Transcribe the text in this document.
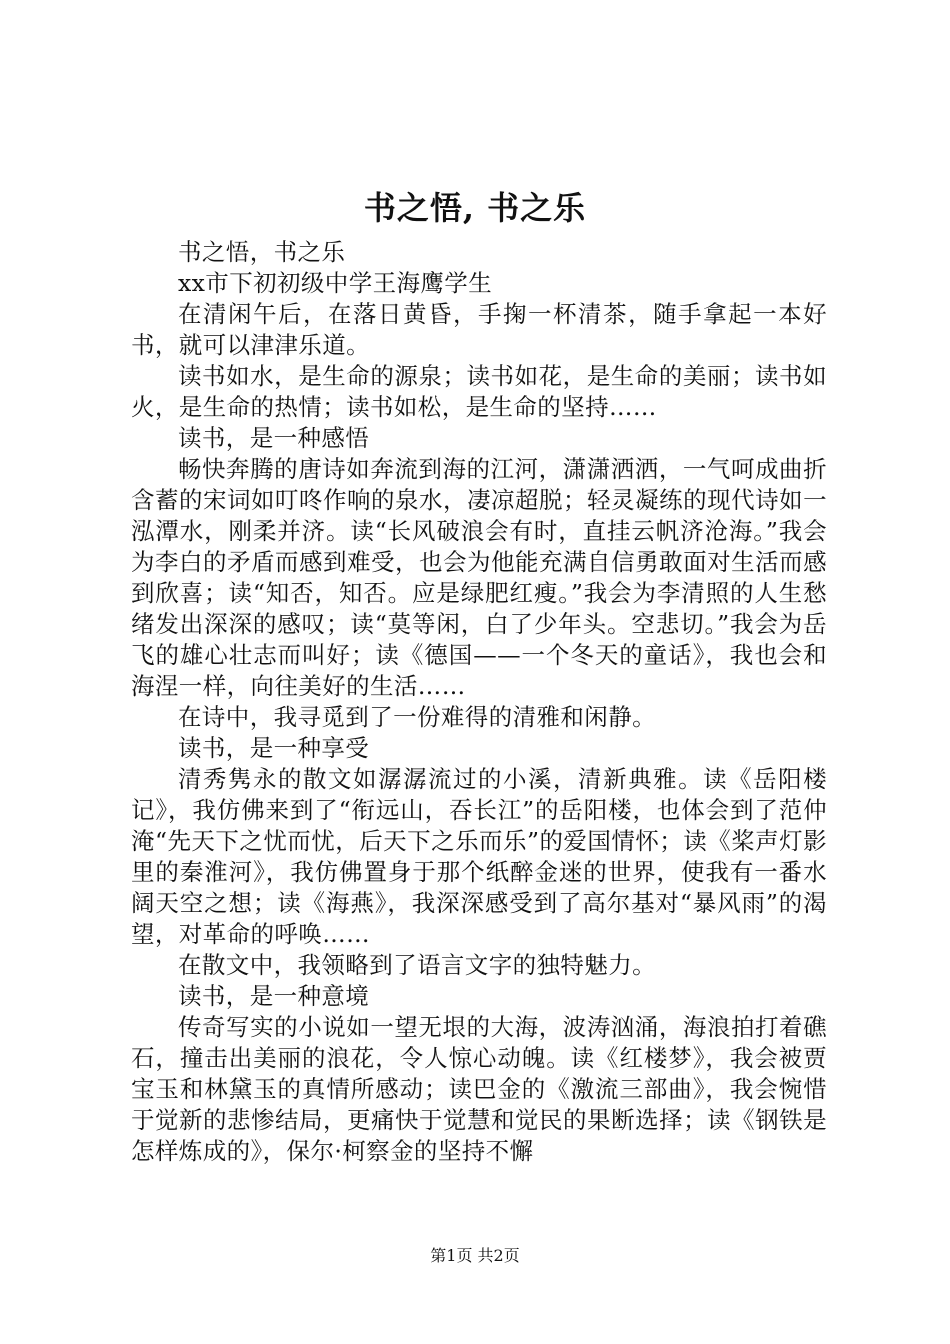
书之悟, 书之乐

书之悟，书之乐

xx市下初初级中学王海鹰学生

在清闲午后，在落日黄昏，手掬一杯清茶，随手拿起一本好书，就可以津津乐道。

读书如水，是生命的源泉；读书如花，是生命的美丽；读书如火，是生命的热情；读书如松，是生命的坚持……

读书，是一种感悟

畅快奔腾的唐诗如奔流到海的江河，潇潇洒洒，一气呵成曲折含蓄的宋词如叮咚作响的泉水，凄凉超脱；轻灵凝练的现代诗如一泓潭水，刚柔并济。读“长风破浪会有时，直挂云帆济沧海。”我会为李白的矛盾而感到难受，也会为他能充满自信勇敢面对生活而感到欣喜；读“知否，知否。应是绿肥红瘦。”我会为李清照的人生愁绪发出深深的感叹；读“莫等闲，白了少年头。空悲切。”我会为岳飞的雄心壮志而叫好；读《德国——一个冬天的童话》，我也会和海涅一样，向往美好的生活……

在诗中，我寻觅到了一份难得的清雅和闲静。

读书，是一种享受

清秀隽永的散文如潺潺流过的小溪，清新典雅。读《岳阳楼记》，我仿佛来到了“衔远山，吞长江”的岳阳楼，也体会到了范仲淹“先天下之忧而忧，后天下之乐而乐”的爱国情怀；读《桨声灯影里的秦淮河》，我仿佛置身于那个纸醉金迷的世界，使我有一番水阔天空之想；读《海燕》，我深深感受到了高尔基对“暴风雨”的渴望，对革命的呼唤……

在散文中，我领略到了语言文字的独特魅力。

读书，是一种意境

传奇写实的小说如一望无垠的大海，波涛汹涌，海浪拍打着礁石，撞击出美丽的浪花，令人惊心动魄。读《红楼梦》，我会被贾宝玉和林黛玉的真情所感动；读巴金的《激流三部曲》，我会惋惜于觉新的悲惨结局，更痛快于觉慧和觉民的果断选择；读《钢铁是怎样炼成的》，保尔·柯察金的坚持不懈

第1页 共2页
